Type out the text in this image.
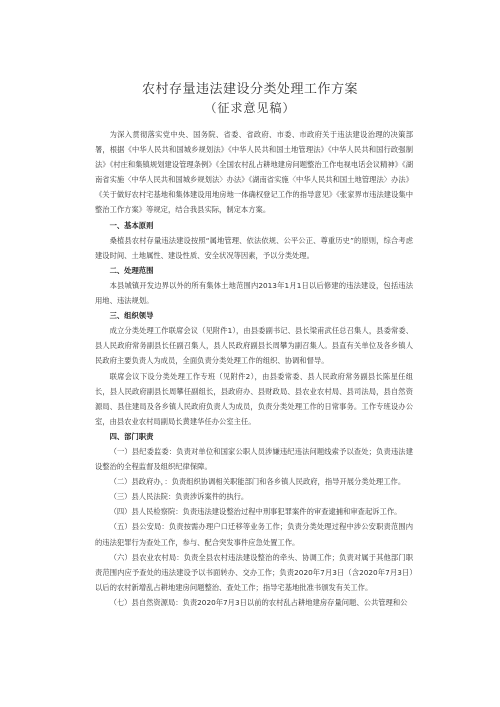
农村存量违法建设分类处理工作方案
（征求意见稿）

为深入贯彻落实党中央、国务院、省委、省政府、市委、市政府关于违法建设治理的决策部署，根据《中华人民共和国城乡规划法》《中华人民共和国土地管理法》《中华人民共和国行政强制法》《村庄和集镇规划建设管理条例》《全国农村乱占耕地建房问题整治工作电视电话会议精神》《湖南省实施〈中华人民共和国城乡规划法〉办法》《湖南省实施〈中华人民共和国土地管理法〉办法》《关于做好农村宅基地和集体建设用地房地一体确权登记工作的指导意见》《张家界市违法建设集中整治工作方案》等规定，结合我县实际，制定本方案。

一、基本原则

桑植县农村存量违法建设按照“属地管理、依法依规、公平公正、尊重历史”的原则，综合考虑建设时间、土地属性、建设性质、安全状况等因素，予以分类处理。

二、处理范围

本县城镇开发边界以外的所有集体土地范围内2013年1月1日以后修建的违法建设，包括违法用地、违法规划。

三、组织领导

成立分类处理工作联席会议（见附件1），由县委副书记、县长梁甫武任总召集人，县委常委、县人民政府常务副县长任副召集人，县人民政府副县长周攀为副召集人。县直有关单位及各乡镇人民政府主要负责人为成员，全面负责分类处理工作的组织、协调和督导。

联席会议下设分类处理工作专班（见附件2），由县委常委、县人民政府常务副县长陈星任组长，县人民政府副县长周攀任副组长，县政府办、县财政局、县农业农村局、县司法局，县自然资源局、县住建局及各乡镇人民政府负责人为成员，负责分类处理工作的日常事务。工作专班设办公室，由县农业农村局副局长黄建华任办公室主任。

四、部门职责

（一）县纪委监委：负责对单位和国家公职人员涉嫌违纪违法问题线索予以查处；负责违法建设整治的全程监督及组织纪律保障。

（二）县政府办，：负责组织协调相关职能部门和各乡镇人民政府，指导开展分类处理工作。

（三）县人民法院：负责涉诉案件的执行。

（四）县人民检察院：负责违法建设整治过程中刑事犯罪案件的审查逮捕和审查起诉工作。

（五）县公安局：负责按需办理户口迁移等业务工作；负责分类处理过程中涉公安职责范围内的违法犯罪行为查处工作，参与、配合突发事件应急处置工作。

（六）县农业农村局：负责全县农村违法建设整治的牵头、协调工作；负责对属于其他部门职责范围内应予查处的违法建设予以书面转办、交办工作；负责2020年7月3日（含2020年7月3日）以后的农村新增乱占耕地建房问题整治、查处工作；指导宅基地批准书颁发有关工作。

（七）县自然资源局：负责2020年7月3日以前的农村乱占耕地建房存量问题、公共管理和公
